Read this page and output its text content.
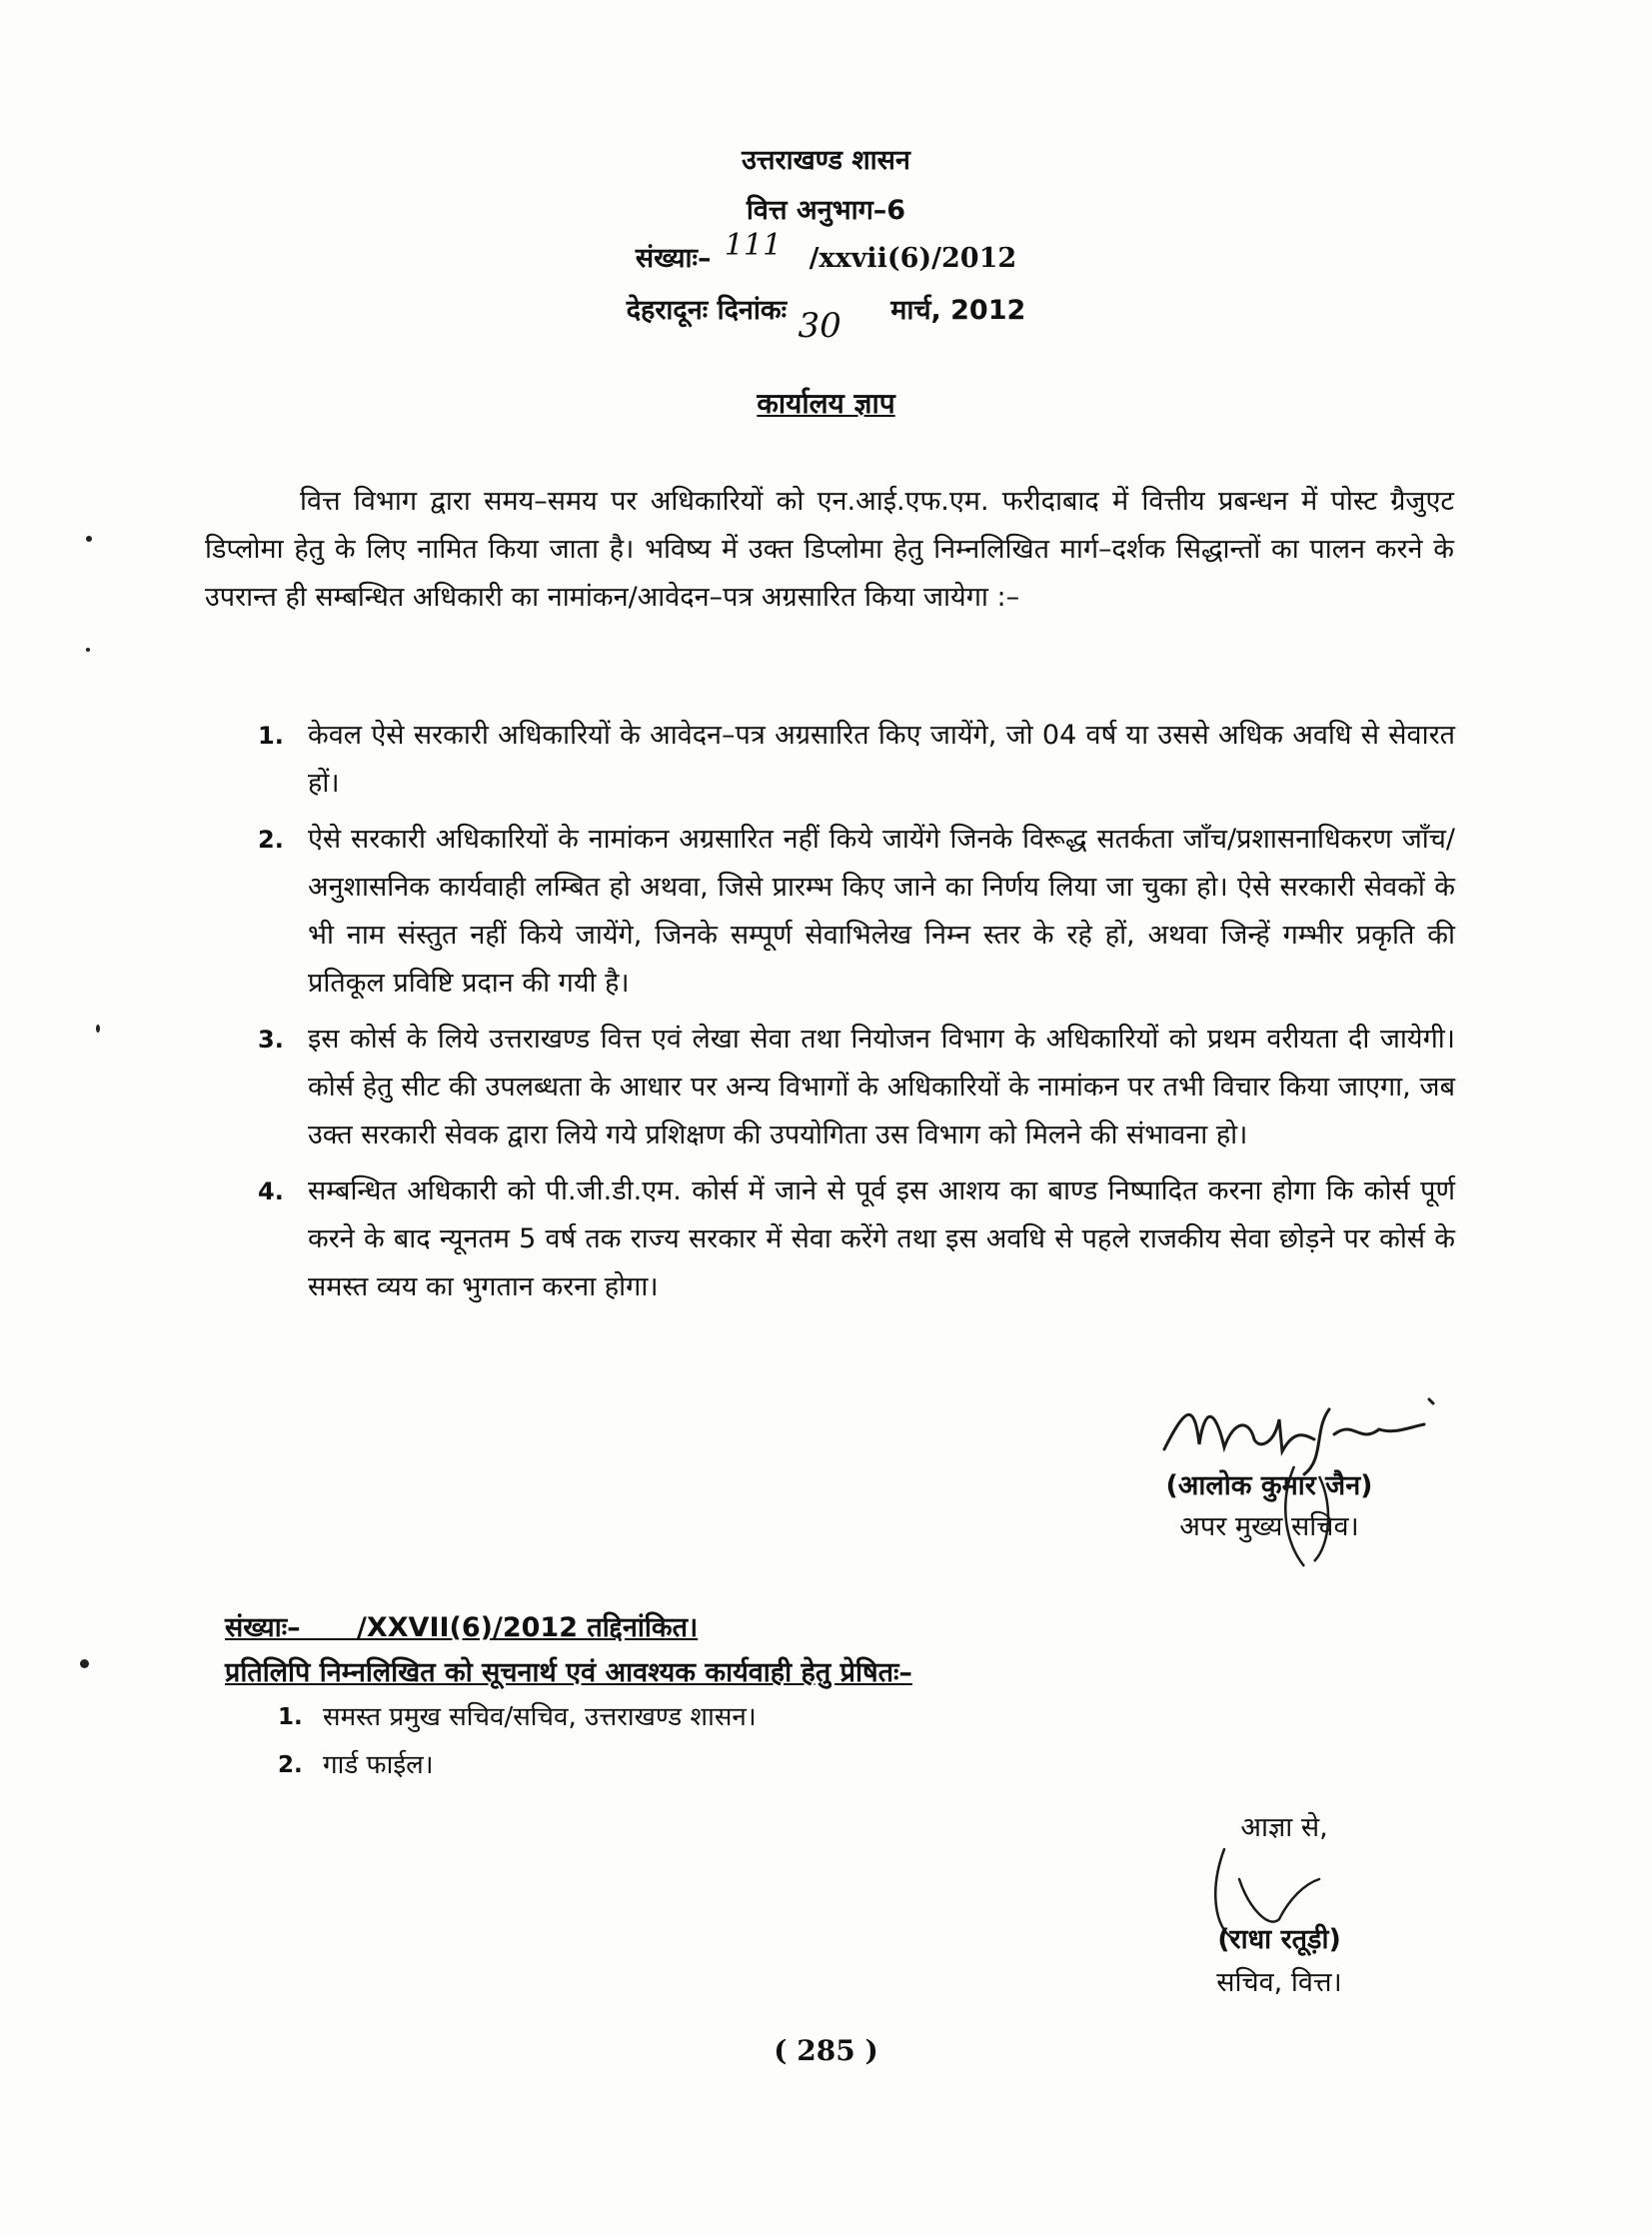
उत्तराखण्ड शासन
वित्त अनुभाग–6
संख्याः– 111 /xxvii(6)/2012
देहरादूनः दिनांकः 30 मार्च, 2012
कार्यालय ज्ञाप
वित्त विभाग द्वारा समय–समय पर अधिकारियों को एन.आई.एफ.एम. फरीदाबाद में वित्तीय प्रबन्धन में पोस्ट ग्रैजुएट डिप्लोमा हेतु के लिए नामित किया जाता है। भविष्य में उक्त डिप्लोमा हेतु निम्नलिखित मार्ग–दर्शक सिद्धान्तों का पालन करने के उपरान्त ही सम्बन्धित अधिकारी का नामांकन/आवेदन–पत्र अग्रसारित किया जायेगा :–
1. केवल ऐसे सरकारी अधिकारियों के आवेदन–पत्र अग्रसारित किए जायेंगे, जो 04 वर्ष या उससे अधिक अवधि से सेवारत हों।
2. ऐसे सरकारी अधिकारियों के नामांकन अग्रसारित नहीं किये जायेंगे जिनके विरूद्ध सतर्कता जाँच/प्रशासनाधिकरण जाँच/अनुशासनिक कार्यवाही लम्बित हो अथवा, जिसे प्रारम्भ किए जाने का निर्णय लिया जा चुका हो। ऐसे सरकारी सेवकों के भी नाम संस्तुत नहीं किये जायेंगे, जिनके सम्पूर्ण सेवाभिलेख निम्न स्तर के रहे हों, अथवा जिन्हें गम्भीर प्रकृति की प्रतिकूल प्रविष्टि प्रदान की गयी है।
3. इस कोर्स के लिये उत्तराखण्ड वित्त एवं लेखा सेवा तथा नियोजन विभाग के अधिकारियों को प्रथम वरीयता दी जायेगी। कोर्स हेतु सीट की उपलब्धता के आधार पर अन्य विभागों के अधिकारियों के नामांकन पर तभी विचार किया जाएगा, जब उक्त सरकारी सेवक द्वारा लिये गये प्रशिक्षण की उपयोगिता उस विभाग को मिलने की संभावना हो।
4. सम्बन्धित अधिकारी को पी.जी.डी.एम. कोर्स में जाने से पूर्व इस आशय का बाण्ड निष्पादित करना होगा कि कोर्स पूर्ण करने के बाद न्यूनतम 5 वर्ष तक राज्य सरकार में सेवा करेंगे तथा इस अवधि से पहले राजकीय सेवा छोड़ने पर कोर्स के समस्त व्यय का भुगतान करना होगा।
(आलोक कुमार जैन)
अपर मुख्य सचिव।
संख्याः–      /XXVII(6)/2012 तद्दिनांकित।
प्रतिलिपि निम्नलिखित को सूचनार्थ एवं आवश्यक कार्यवाही हेतु प्रेषितः–
1. समस्त प्रमुख सचिव/सचिव, उत्तराखण्ड शासन।
2. गार्ड फाईल।
आज्ञा से,
(राधा रतूड़ी)
सचिव, वित्त।
( 285 )
